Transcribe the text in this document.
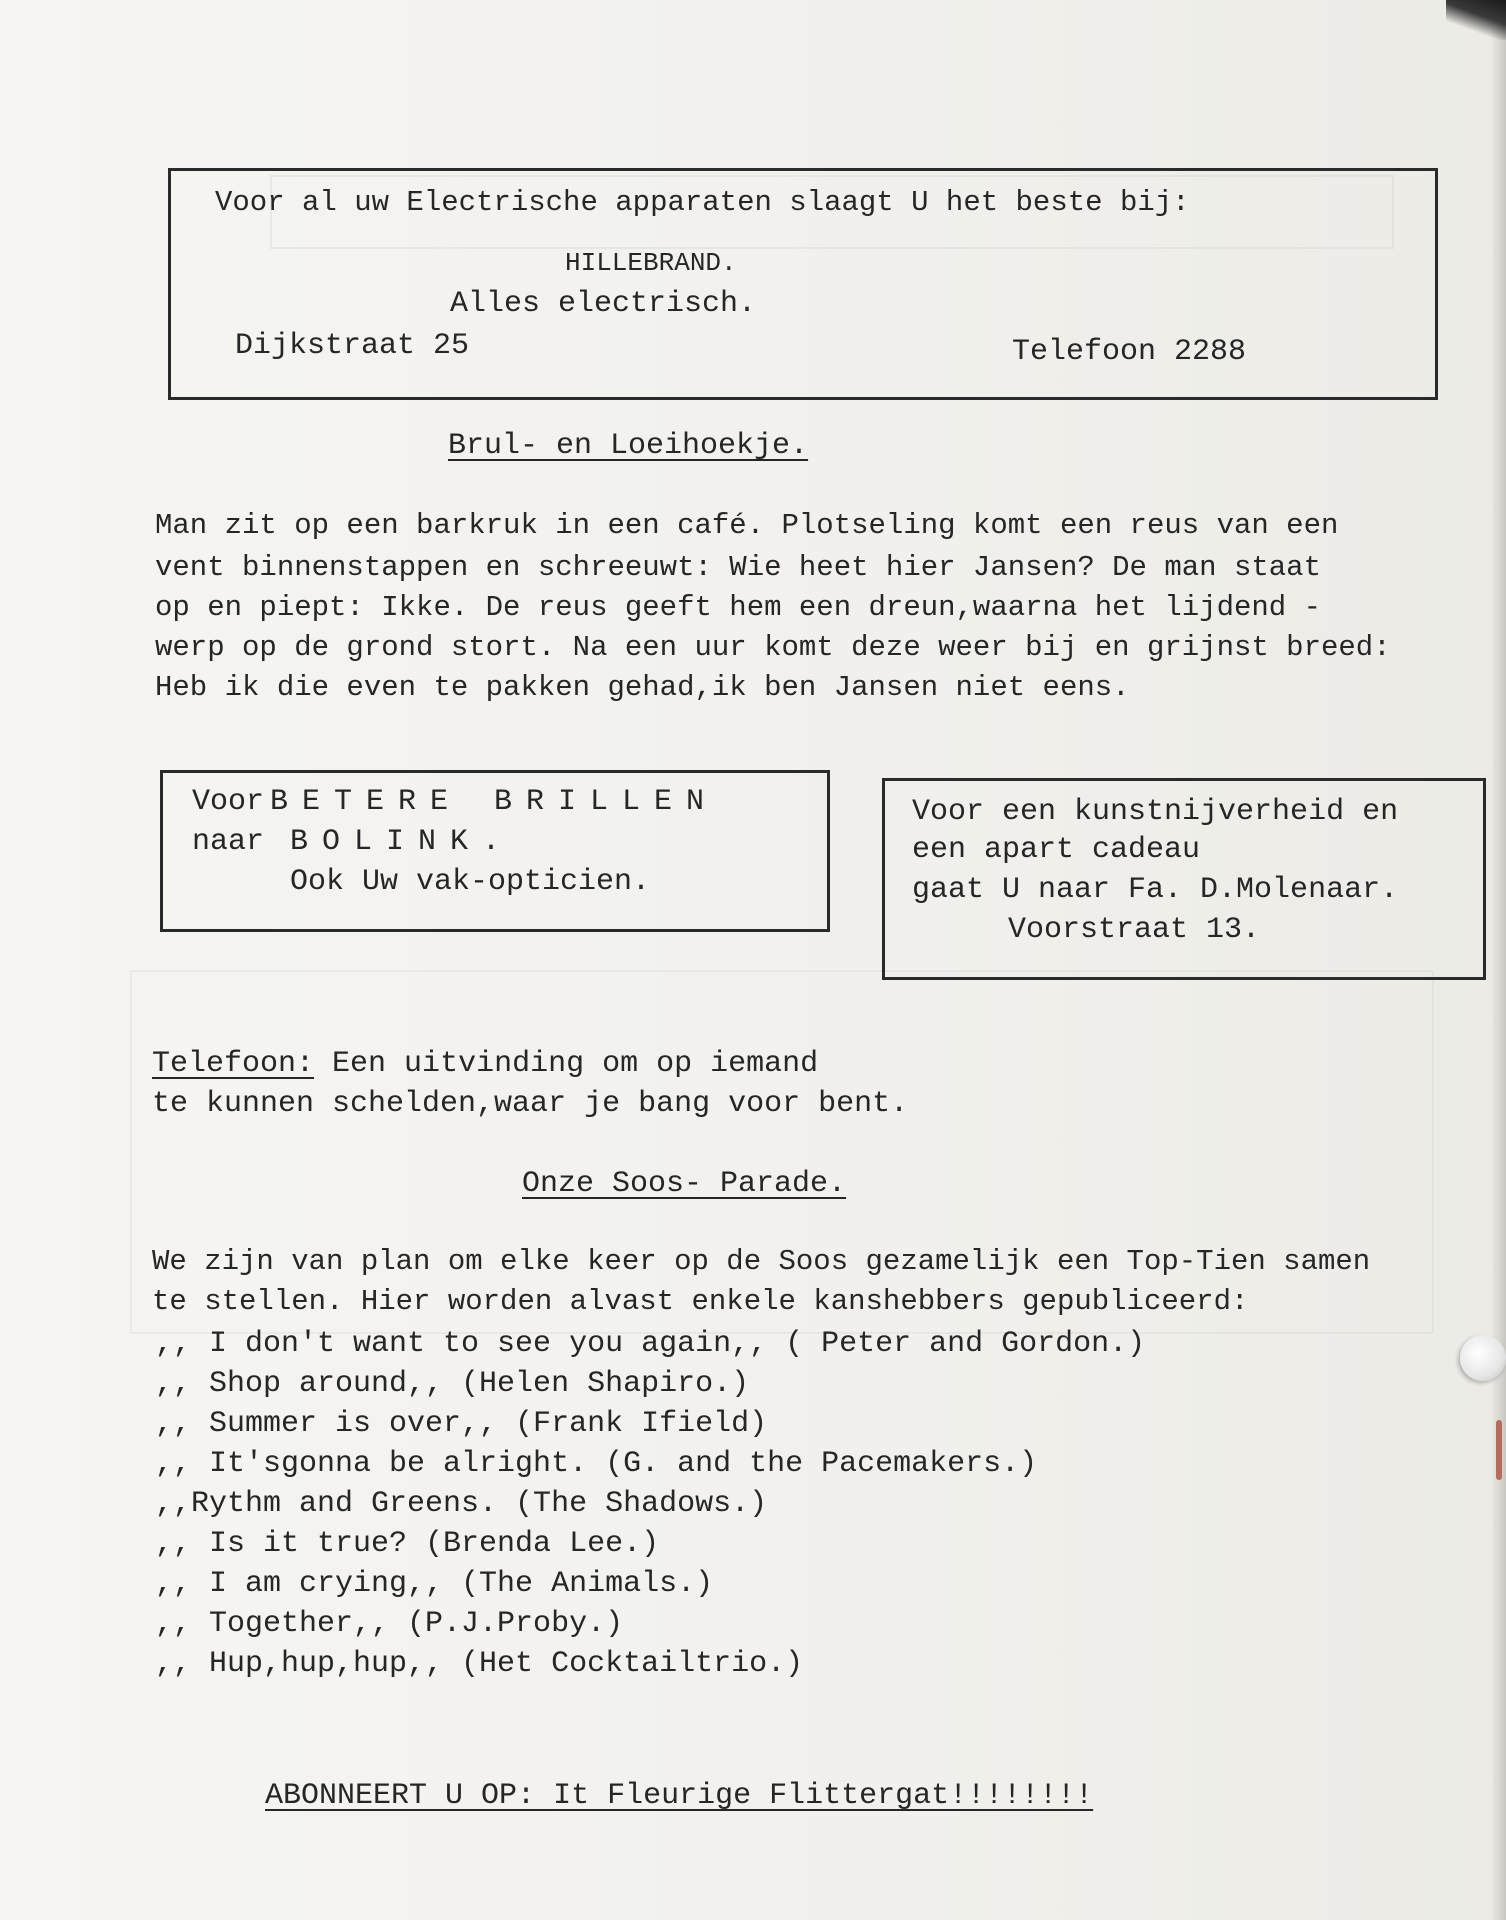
Voor al uw Electrische apparaten slaagt U het beste bij:
HILLEBRAND.
Alles electrisch.
Dijkstraat 25	Telefoon 2288
Brul- en Loeihoekje.
Man zit op een barkruk in een café. Plotseling komt een reus van een
vent binnenstappen en schreeuwt: Wie heet hier Jansen? De man staat
op en piept: Ikke. De reus geeft hem een dreun,waarna het lijdend -
werp op de grond stort. Na een uur komt deze weer bij en grijnst breed:
Heb ik die even te pakken gehad,ik ben Jansen niet eens.
Voor BETERE BRILLEN
naar BOLINK.
Ook Uw vak-opticien.
Voor een kunstnijverheid en
een apart cadeau
gaat U naar Fa. D.Molenaar.
Voorstraat 13.
Telefoon: Een uitvinding om op iemand
te kunnen schelden,waar je bang voor bent.
Onze Soos- Parade.
We zijn van plan om elke keer op de Soos gezamelijk een Top-Tien samen
te stellen. Hier worden alvast enkele kanshebbers gepubliceerd:
,, I don't want to see you again,, ( Peter and Gordon.)
,, Shop around,, (Helen Shapiro.)
,, Summer is over,, (Frank Ifield)
,, It'sgonna be alright. (G. and the Pacemakers.)
,,Rythm and Greens. (The Shadows.)
,, Is it true? (Brenda Lee.)
,, I am crying,, (The Animals.)
,, Together,, (P.J.Proby.)
,, Hup,hup,hup,, (Het Cocktailtrio.)
ABONNEERT U OP: It Fleurige Flittergat!!!!!!!!
